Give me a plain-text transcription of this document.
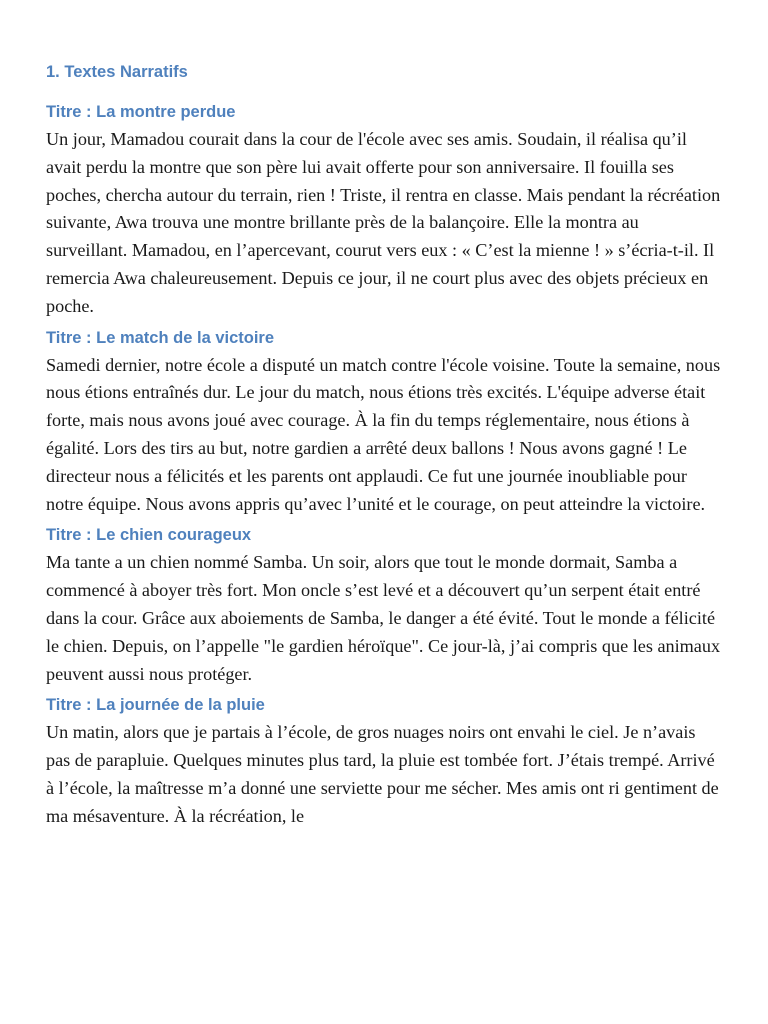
1. Textes Narratifs
Titre : La montre perdue

Un jour, Mamadou courait dans la cour de l'école avec ses amis. Soudain, il réalisa qu’il avait perdu la montre que son père lui avait offerte pour son anniversaire. Il fouilla ses poches, chercha autour du terrain, rien ! Triste, il rentra en classe. Mais pendant la récréation suivante, Awa trouva une montre brillante près de la balançoire. Elle la montra au surveillant. Mamadou, en l’apercevant, courut vers eux : « C’est la mienne ! » s’écria-t-il. Il remercia Awa chaleureusement. Depuis ce jour, il ne court plus avec des objets précieux en poche.

Titre : Le match de la victoire

Samedi dernier, notre école a disputé un match contre l'école voisine. Toute la semaine, nous nous étions entraînés dur. Le jour du match, nous étions très excités. L'équipe adverse était forte, mais nous avons joué avec courage. À la fin du temps réglementaire, nous étions à égalité. Lors des tirs au but, notre gardien a arrêté deux ballons ! Nous avons gagné ! Le directeur nous a félicités et les parents ont applaudi. Ce fut une journée inoubliable pour notre équipe. Nous avons appris qu’avec l’unité et le courage, on peut atteindre la victoire.

Titre : Le chien courageux

Ma tante a un chien nommé Samba. Un soir, alors que tout le monde dormait, Samba a commencé à aboyer très fort. Mon oncle s’est levé et a découvert qu’un serpent était entré dans la cour. Grâce aux aboiements de Samba, le danger a été évité. Tout le monde a félicité le chien. Depuis, on l’appelle "le gardien héroïque". Ce jour-là, j’ai compris que les animaux peuvent aussi nous protéger.

Titre : La journée de la pluie

Un matin, alors que je partais à l’école, de gros nuages noirs ont envahi le ciel. Je n’avais pas de parapluie. Quelques minutes plus tard, la pluie est tombée fort. J’étais trempé. Arrivé à l’école, la maîtresse m’a donné une serviette pour me sécher. Mes amis ont ri gentiment de ma mésaventure. À la récréation, le
